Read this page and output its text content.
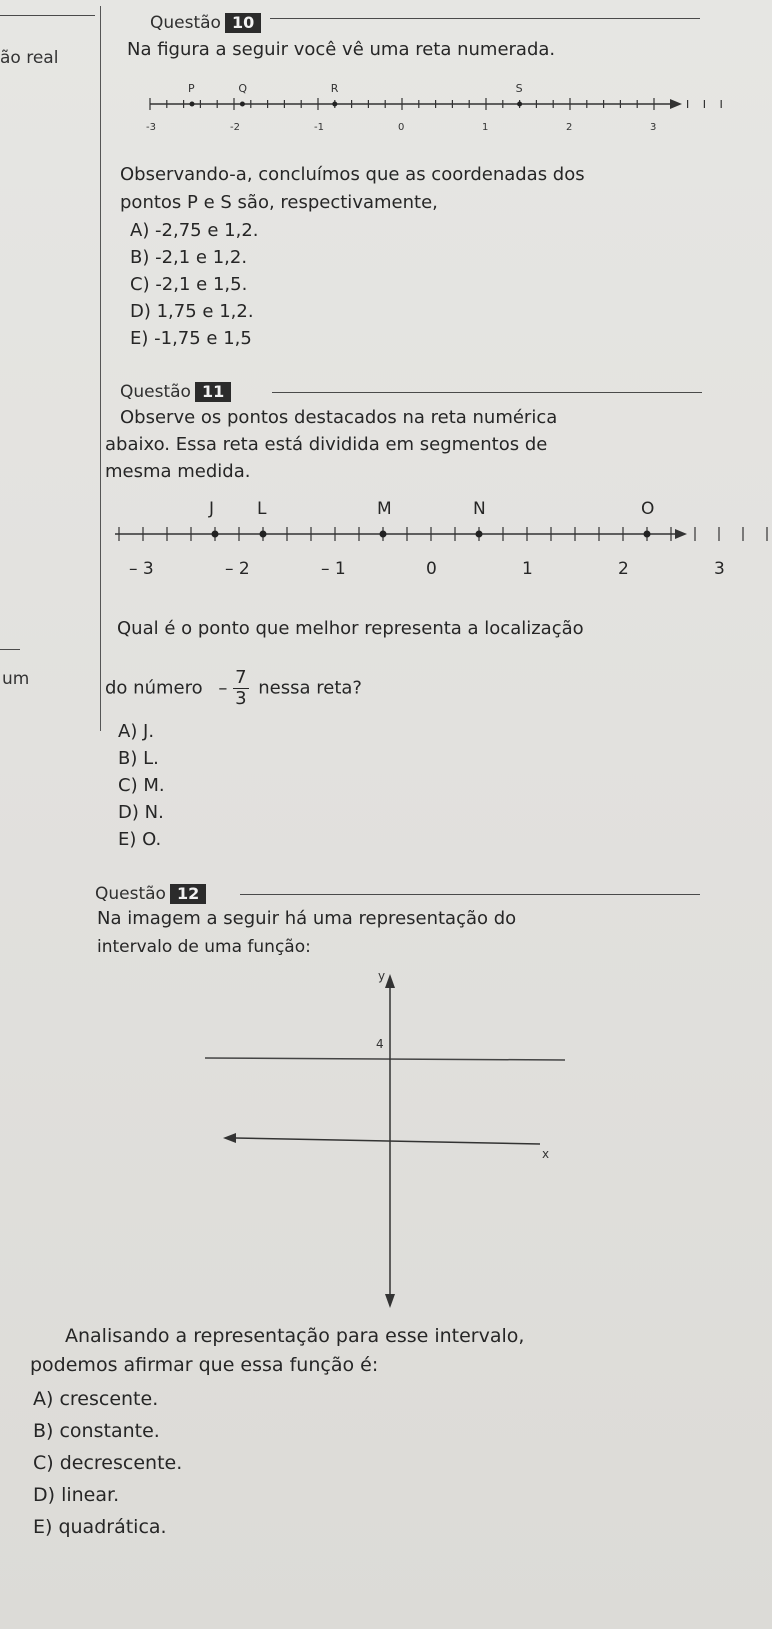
ão real
um
Questão 10
Na figura a seguir você vê uma reta numerada.
-3	-2	-1	0	1	2	3
P	Q	R	S
Observando-a, concluímos que as coordenadas dos
pontos P e S são, respectivamente,
A) -2,75 e 1,2.
B) -2,1 e 1,2.
C) -2,1 e 1,5.
D) 1,75 e 1,2.
E) -1,75 e 1,5
Questão 11
Observe os pontos destacados na reta numérica
abaixo. Essa reta está dividida em segmentos de
mesma medida.
– 3	– 2	– 1	0	1	2	3
J	L	M	N	O
Qual é o ponto que melhor representa a localização
do número – $\frac{7}{3}$ nessa reta?
A) J.
B) L.
C) M.
D) N.
E) O.
Questão 12
Na imagem a seguir há uma representação do
intervalo de uma função:
y
x
4
Analisando a representação para esse intervalo,
podemos afirmar que essa função é:
A) crescente.
B) constante.
C) decrescente.
D) linear.
E) quadrática.
